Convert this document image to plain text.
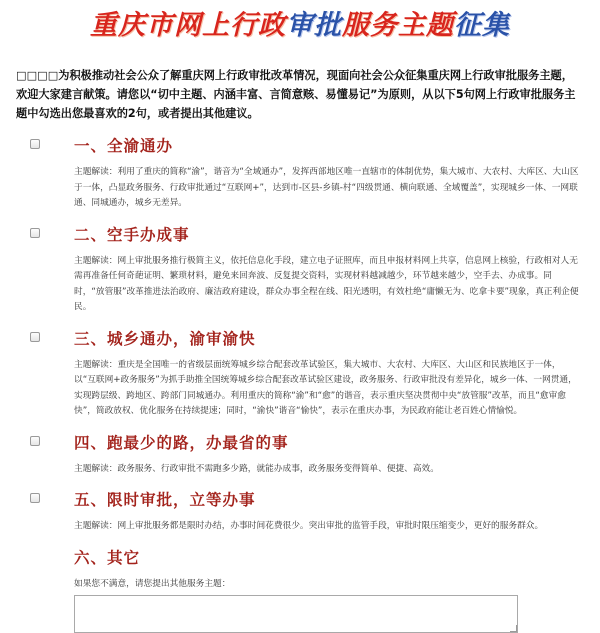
重庆市网上行政审批服务主题征集
□□□□为积极推动社会公众了解重庆网上行政审批改革情况，现面向社会公众征集重庆网上行政审批服务主题，欢迎大家建言献策。请您以“切中主题、内涵丰富、言简意赅、易懂易记”为原则，从以下5句网上行政审批服务主题中勾选出您最喜欢的2句，或者提出其他建议。
一、全渝通办
主题解读：利用了重庆的简称“渝”，谐音为“全域通办”，发挥西部地区唯一直辖市的体制优势，集大城市、大农村、大库区、大山区于一体，凸显政务服务、行政审批通过“互联网+”，达到市-区县-乡镇-村“四级贯通、横向联通、全域覆盖”，实现城乡一体、一网联通、同城通办，城乡无差异。
二、空手办成事
主题解读：网上审批服务推行极简主义，依托信息化手段，建立电子证照库，而且申报材料网上共享，信息网上核验，行政相对人无需再准备任何奇葩证明、繁琐材料，避免来回奔波、反复提交资料，实现材料越减越少，环节越来越少，空手去、办成事。同时，“放管服”改革推进法治政府、廉洁政府建设，群众办事全程在线、阳光透明，有效杜绝“庸懒无为、吃拿卡要”现象，真正利企便民。
三、城乡通办，渝审渝快
主题解读：重庆是全国唯一的省级层面统筹城乡综合配套改革试验区，集大城市、大农村、大库区、大山区和民族地区于一体，以“互联网+政务服务”为抓手助推全国统筹城乡综合配套改革试验区建设，政务服务、行政审批没有差异化，城乡一体、一网贯通，实现跨层级、跨地区、跨部门同城通办。利用重庆的简称“渝”和“愈”的谐音，表示重庆坚决贯彻中央“放管服”改革，而且“愈审愈快”，简政放权、优化服务在持续提速；同时，“渝快”谐音“愉快”，表示在重庆办事，为民政府能让老百姓心情愉悦。
四、跑最少的路，办最省的事
主题解读：政务服务、行政审批不需跑多少路，就能办成事，政务服务变得简单、便捷、高效。
五、限时审批，立等办事
主题解读：网上审批服务都是限时办结，办事时间花费很少。突出审批的监管手段，审批时限压缩变少，更好的服务群众。
六、其它
如果您不满意，请您提出其他服务主题：
